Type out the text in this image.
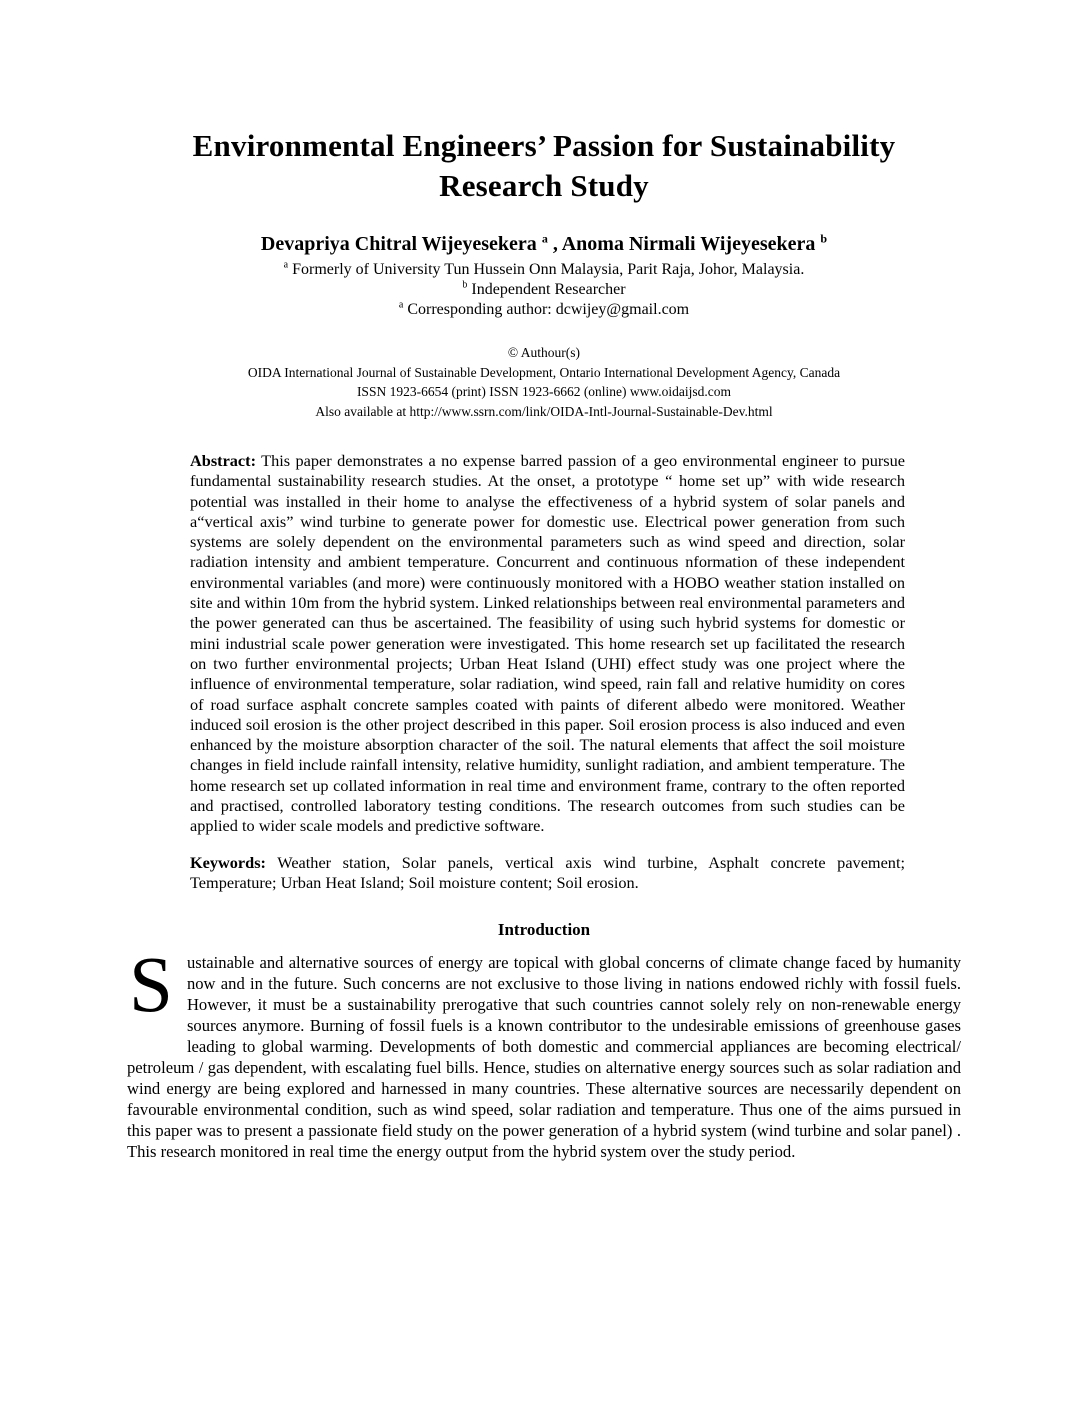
Environmental Engineers’ Passion for Sustainability
Research Study
Devapriya Chitral Wijeyesekera $^a$ , Anoma Nirmali Wijeyesekera $^b$

$^a$ Formerly of University Tun Hussein Onn Malaysia, Parit Raja, Johor, Malaysia.

$^b$ Independent Researcher

$^a$ Corresponding author: dcwijey@gmail.com

© Authour(s)
OIDA International Journal of Sustainable Development, Ontario International Development Agency, Canada
ISSN 1923-6654 (print) ISSN 1923-6662 (online) www.oidaijsd.com
Also available at http://www.ssrn.com/link/OIDA-Intl-Journal-Sustainable-Dev.html

Abstract: This paper demonstrates a no expense barred passion of a geo environmental engineer to pursue fundamental sustainability research studies. At the onset, a prototype “ home set up” with wide research potential was installed in their home to analyse the effectiveness of a hybrid system of solar panels and a“vertical axis” wind turbine to generate power for domestic use. Electrical power generation from such systems are solely dependent on the environmental parameters such as wind speed and direction, solar radiation intensity and ambient temperature. Concurrent and continuous nformation of these independent environmental variables (and more) were continuously monitored with a HOBO weather station installed on site and within 10m from the hybrid system. Linked relationships between real environmental parameters and the power generated can thus be ascertained. The feasibility of using such hybrid systems for domestic or mini industrial scale power generation were investigated. This home research set up facilitated the research on two further environmental projects; Urban Heat Island (UHI) effect study was one project where the influence of environmental temperature, solar radiation, wind speed, rain fall and relative humidity on cores of road surface asphalt concrete samples coated with paints of diferent albedo were monitored. Weather induced soil erosion is the other project described in this paper. Soil erosion process is also induced and even enhanced by the moisture absorption character of the soil. The natural elements that affect the soil moisture changes in field include rainfall intensity, relative humidity, sunlight radiation, and ambient temperature. The home research set up collated information in real time and environment frame, contrary to the often reported and practised, controlled laboratory testing conditions. The research outcomes from such studies can be applied to wider scale models and predictive software.

Keywords: Weather station, Solar panels, vertical axis wind turbine, Asphalt concrete pavement; Temperature; Urban Heat Island; Soil moisture content; Soil erosion.

Introduction

Sustainable and alternative sources of energy are topical with global concerns of climate change faced by humanity now and in the future. Such concerns are not exclusive to those living in nations endowed richly with fossil fuels. However, it must be a sustainability prerogative that such countries cannot solely rely on non-renewable energy sources anymore. Burning of fossil fuels is a known contributor to the undesirable emissions of greenhouse gases leading to global warming. Developments of both domestic and commercial appliances are becoming electrical/ petroleum / gas dependent, with escalating fuel bills. Hence, studies on alternative energy sources such as solar radiation and wind energy are being explored and harnessed in many countries. These alternative sources are necessarily dependent on favourable environmental condition, such as wind speed, solar radiation and temperature. Thus one of the aims pursued in this paper was to present a passionate field study on the power generation of a hybrid system (wind turbine and solar panel) . This research monitored in real time the energy output from the hybrid system over the study period.
